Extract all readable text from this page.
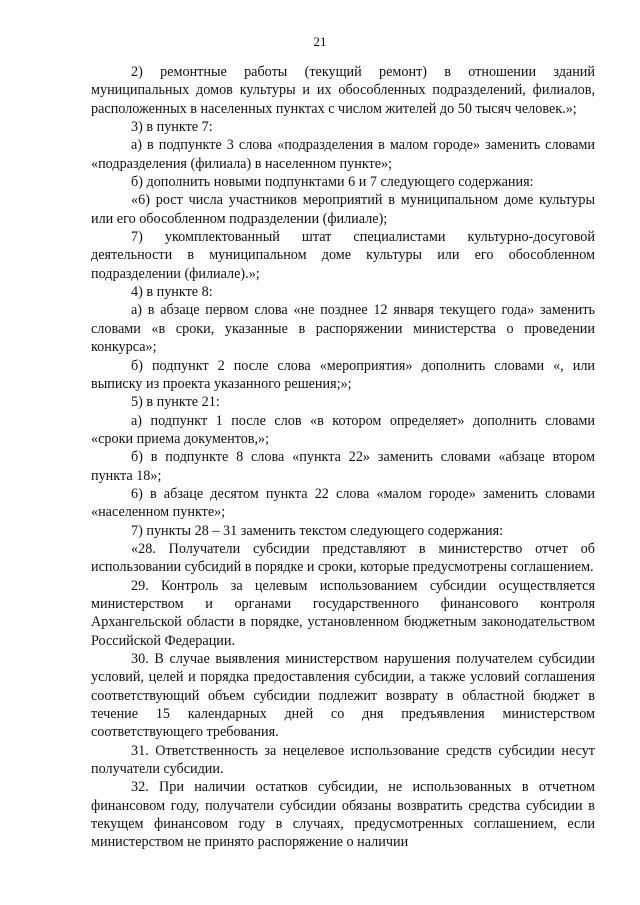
21

2) ремонтные работы (текущий ремонт) в отношении зданий муниципальных домов культуры и их обособленных подразделений, филиалов, расположенных в населенных пунктах с числом жителей до 50 тысяч человек.»;

3) в пункте 7:

а) в подпункте 3 слова «подразделения в малом городе» заменить словами «подразделения (филиала) в населенном пункте»;

б) дополнить новыми подпунктами 6 и 7 следующего содержания:

«6) рост числа участников мероприятий в муниципальном доме культуры или его обособленном подразделении (филиале);

7) укомплектованный штат специалистами культурно-досуговой деятельности в муниципальном доме культуры или его обособленном подразделении (филиале).»;

4) в пункте 8:

а) в абзаце первом слова «не позднее 12 января текущего года» заменить словами «в сроки, указанные в распоряжении министерства о проведении конкурса»;

б) подпункт 2 после слова «мероприятия» дополнить словами «, или выписку из проекта указанного решения;»;

5) в пункте 21:

а) подпункт 1 после слов «в котором определяет» дополнить словами «сроки приема документов,»;

б) в подпункте 8 слова «пункта 22» заменить словами «абзаце втором пункта 18»;

6) в абзаце десятом пункта 22 слова «малом городе» заменить словами «населенном пункте»;

7) пункты 28 – 31 заменить текстом следующего содержания:

«28. Получатели субсидии представляют в министерство отчет об использовании субсидий в порядке и сроки, которые предусмотрены соглашением.

29. Контроль за целевым использованием субсидии осуществляется министерством и органами государственного финансового контроля Архангельской области в порядке, установленном бюджетным законодательством Российской Федерации.

30. В случае выявления министерством нарушения получателем субсидии условий, целей и порядка предоставления субсидии, а также условий соглашения соответствующий объем субсидии подлежит возврату в областной бюджет в течение 15 календарных дней со дня предъявления министерством соответствующего требования.

31. Ответственность за нецелевое использование средств субсидии несут получатели субсидии.

32. При наличии остатков субсидии, не использованных в отчетном финансовом году, получатели субсидии обязаны возвратить средства субсидии в текущем финансовом году в случаях, предусмотренных соглашением, если министерством не принято распоряжение о наличии
